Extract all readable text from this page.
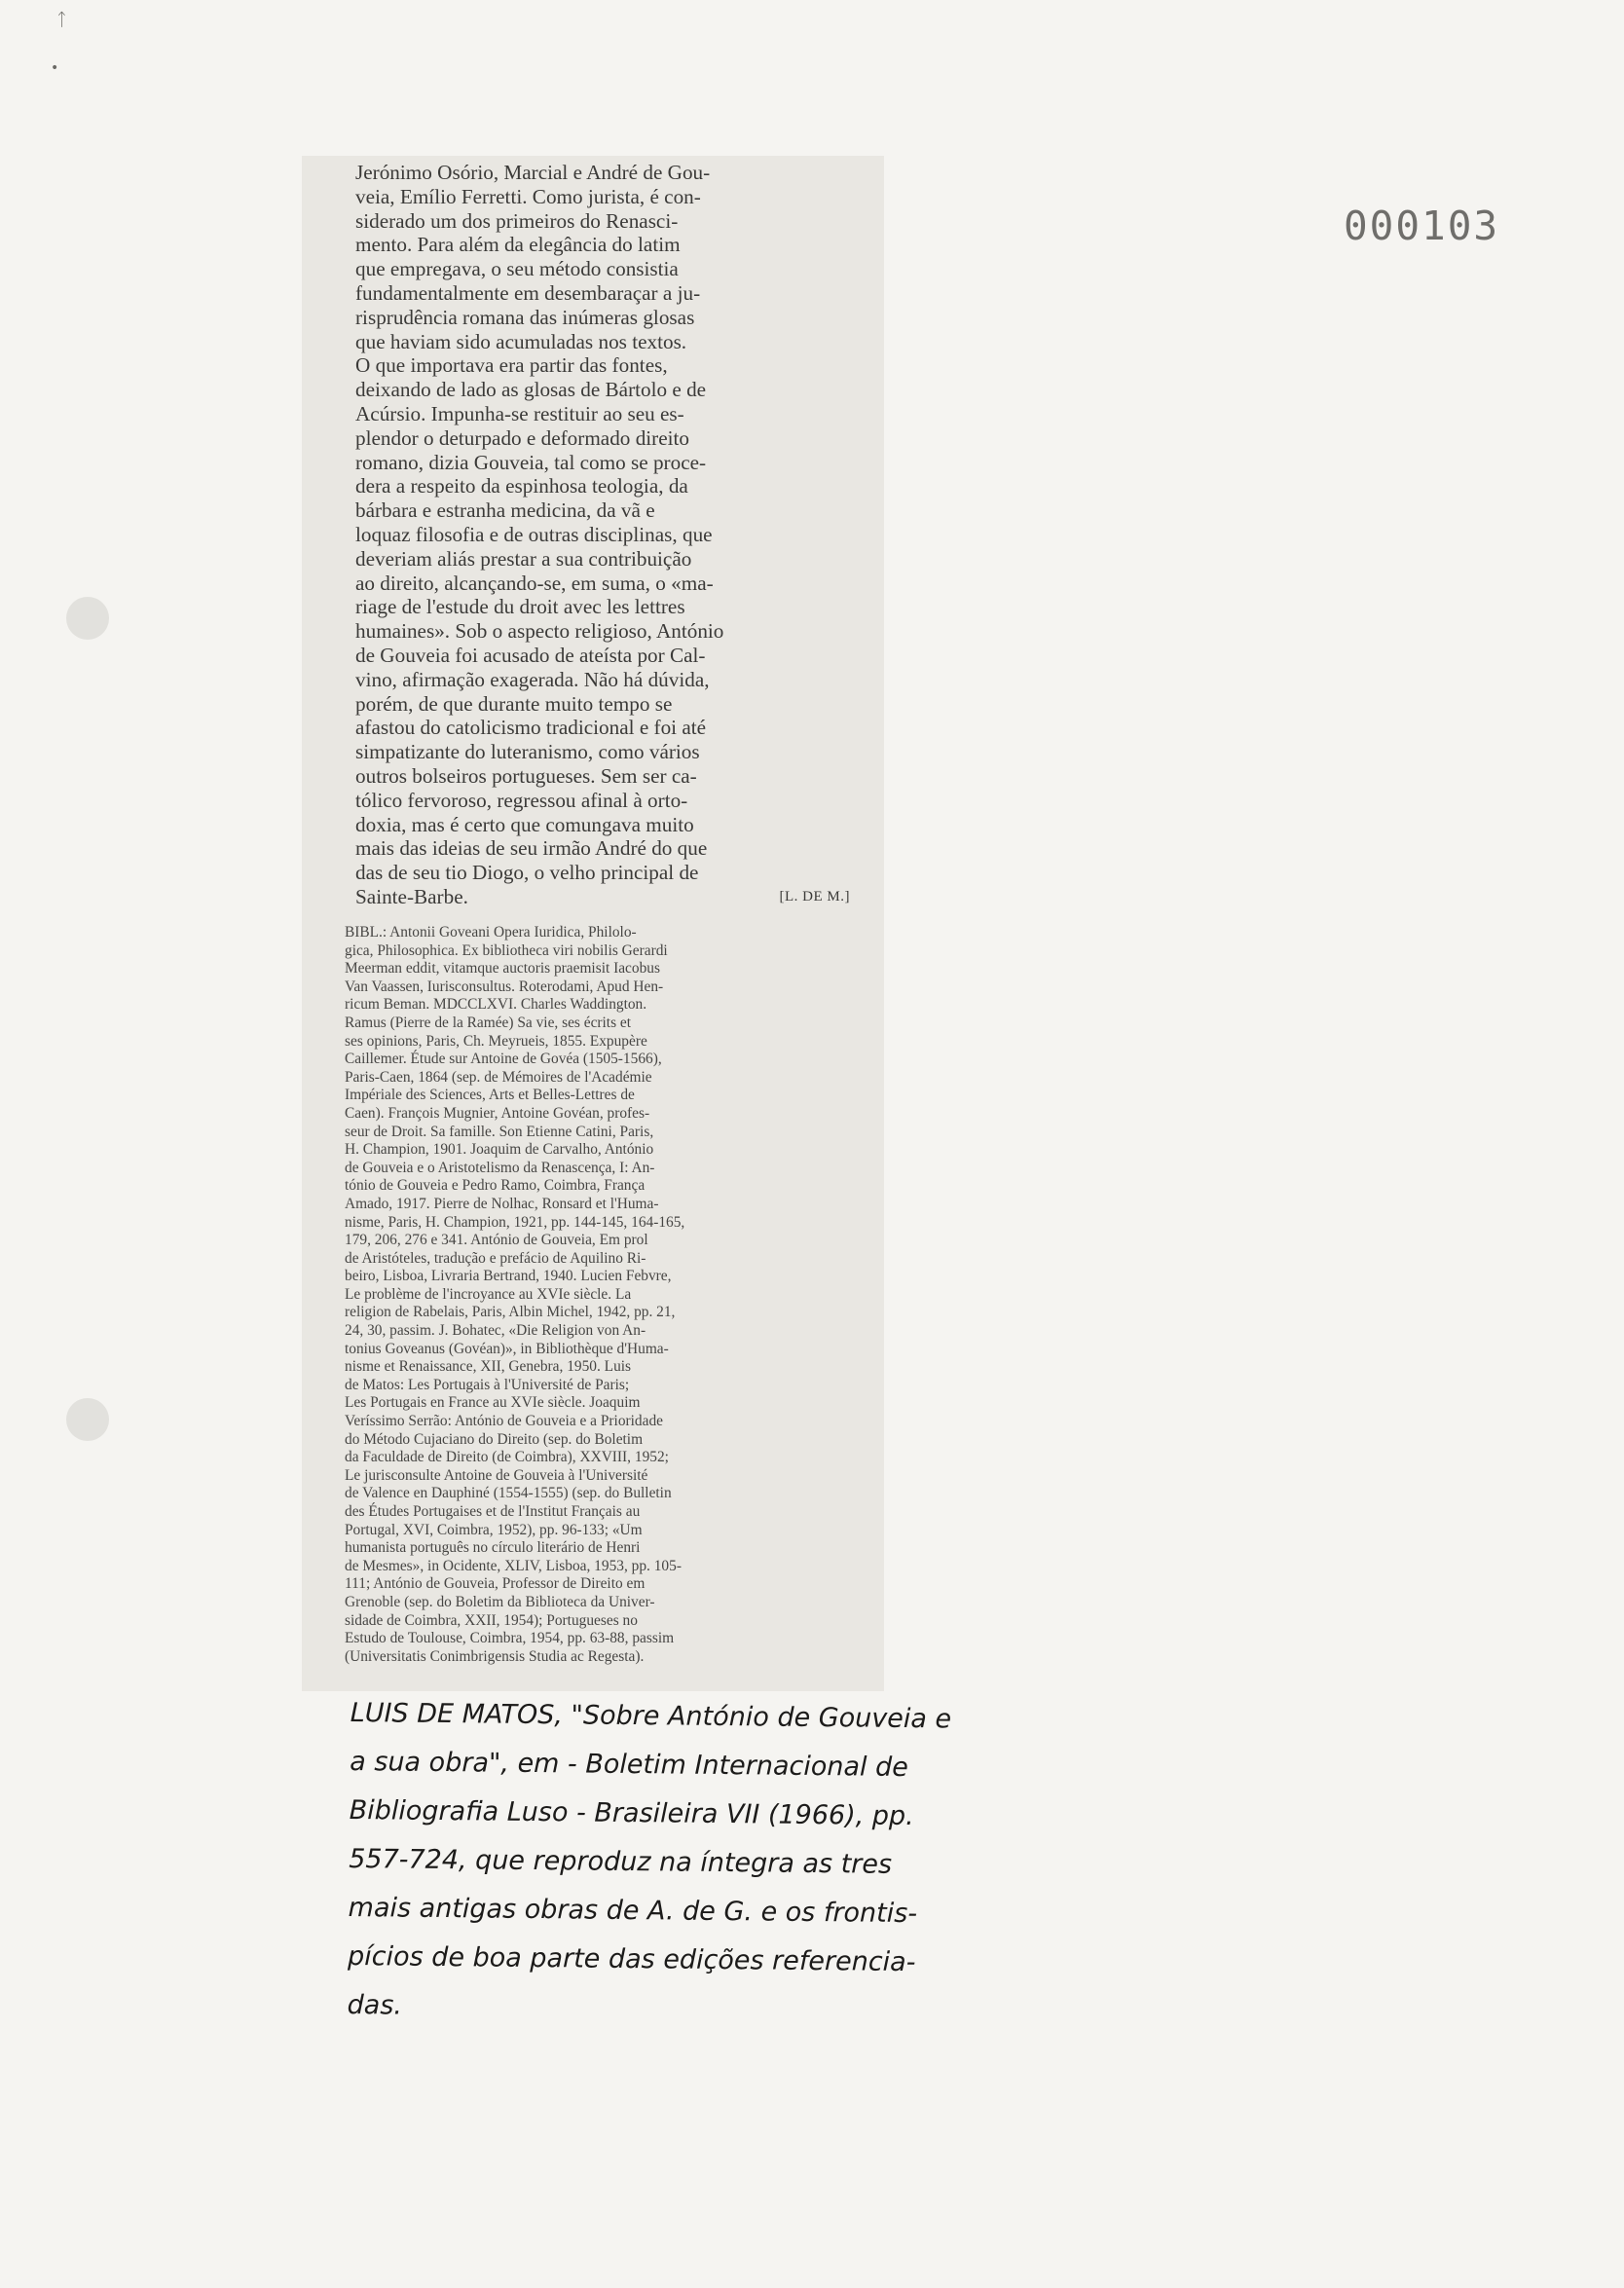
ᛏ
•
000103
Jerónimo Osório, Marcial e André de Gou-
veia, Emílio Ferretti. Como jurista, é con-
siderado um dos primeiros do Renasci-
mento. Para além da elegância do latim
que empregava, o seu método consistia
fundamentalmente em desembaraçar a ju-
risprudência romana das inúmeras glosas
que haviam sido acumuladas nos textos.
O que importava era partir das fontes,
deixando de lado as glosas de Bártolo e de
Acúrsio. Impunha-se restituir ao seu es-
plendor o deturpado e deformado direito
romano, dizia Gouveia, tal como se proce-
dera a respeito da espinhosa teologia, da
bárbara e estranha medicina, da vã e
loquaz filosofia e de outras disciplinas, que
deveriam aliás prestar a sua contribuição
ao direito, alcançando-se, em suma, o «ma-
riage de l'estude du droit avec les lettres
humaines». Sob o aspecto religioso, António
de Gouveia foi acusado de ateísta por Cal-
vino, afirmação exagerada. Não há dúvida,
porém, de que durante muito tempo se
afastou do catolicismo tradicional e foi até
simpatizante do luteranismo, como vários
outros bolseiros portugueses. Sem ser ca-
tólico fervoroso, regressou afinal à orto-
doxia, mas é certo que comungava muito
mais das ideias de seu irmão André do que
das de seu tio Diogo, o velho principal de
Sainte-Barbe.	[L. DE M.]
BIBL.: Antonii Goveani Opera Iuridica, Philolo-
gica, Philosophica. Ex bibliotheca viri nobilis Gerardi
Meerman eddit, vitamque auctoris praemisit Iacobus
Van Vaassen, Iurisconsultus. Roterodami, Apud Hen-
ricum Beman. MDCCLXVI. Charles Waddington.
Ramus (Pierre de la Ramée) Sa vie, ses écrits et
ses opinions, Paris, Ch. Meyrueis, 1855. Expupère
Caillemer. Étude sur Antoine de Govéa (1505-1566),
Paris-Caen, 1864 (sep. de Mémoires de l'Académie
Impériale des Sciences, Arts et Belles-Lettres de
Caen). François Mugnier, Antoine Govéan, profes-
seur de Droit. Sa famille. Son Etienne Catini, Paris,
H. Champion, 1901. Joaquim de Carvalho, António
de Gouveia e o Aristotelismo da Renascença, I: An-
tónio de Gouveia e Pedro Ramo, Coimbra, França
Amado, 1917. Pierre de Nolhac, Ronsard et l'Huma-
nisme, Paris, H. Champion, 1921, pp. 144-145, 164-165,
179, 206, 276 e 341. António de Gouveia, Em prol
de Aristóteles, tradução e prefácio de Aquilino Ri-
beiro, Lisboa, Livraria Bertrand, 1940. Lucien Febvre,
Le problème de l'incroyance au XVIe siècle. La
religion de Rabelais, Paris, Albin Michel, 1942, pp. 21,
24, 30, passim. J. Bohatec, «Die Religion von An-
tonius Goveanus (Govéan)», in Bibliothèque d'Huma-
nisme et Renaissance, XII, Genebra, 1950. Luis
de Matos: Les Portugais à l'Université de Paris;
Les Portugais en France au XVIe siècle. Joaquim
Veríssimo Serrão: António de Gouveia e a Prioridade
do Método Cujaciano do Direito (sep. do Boletim
da Faculdade de Direito (de Coimbra), XXVIII, 1952;
Le jurisconsulte Antoine de Gouveia à l'Université
de Valence en Dauphiné (1554-1555) (sep. do Bulletin
des Études Portugaises et de l'Institut Français au
Portugal, XVI, Coimbra, 1952), pp. 96-133; «Um
humanista português no círculo literário de Henri
de Mesmes», in Ocidente, XLIV, Lisboa, 1953, pp. 105-
111; António de Gouveia, Professor de Direito em
Grenoble (sep. do Boletim da Biblioteca da Univer-
sidade de Coimbra, XXII, 1954); Portugueses no
Estudo de Toulouse, Coimbra, 1954, pp. 63-88, passim
(Universitatis Conimbrigensis Studia ac Regesta).
LUIS DE MATOS, "Sobre António de Gouveia e
a sua obra", em - Boletim Internacional de
Bibliografia Luso - Brasileira VII (1966), pp.
557-724, que reproduz na íntegra as tres
mais antigas obras de A. de G. e os frontis-
pícios de boa parte das edições referencia-
das.
